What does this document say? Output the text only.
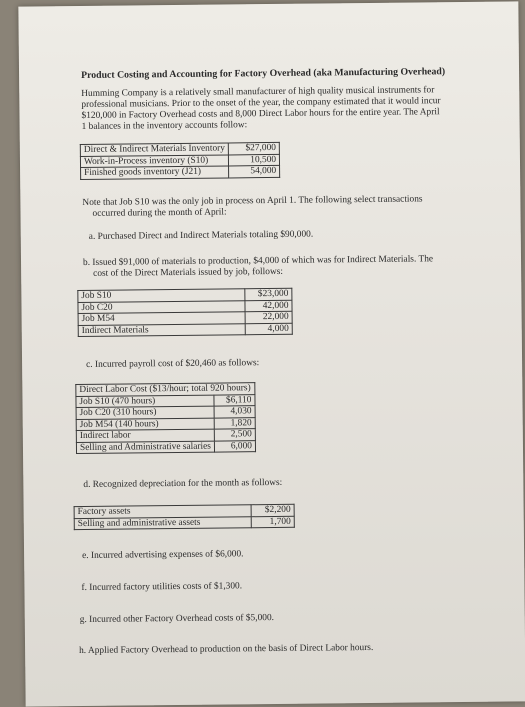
Product Costing and Accounting for Factory Overhead (aka Manufacturing Overhead)
Humming Company is a relatively small manufacturer of high quality musical instruments for
professional musicians. Prior to the onset of the year, the company estimated that it would incur
$120,000 in Factory Overhead costs and 8,000 Direct Labor hours for the entire year. The April
1 balances in the inventory accounts follow:
Direct & Indirect Materials Inventory	$27,000
Work-in-Process inventory (S10)	10,500
Finished goods inventory (J21)	54,000
Note that Job S10 was the only job in process on April 1. The following select transactions
occurred during the month of April:
a. Purchased Direct and Indirect Materials totaling $90,000.
b. Issued $91,000 of materials to production, $4,000 of which was for Indirect Materials. The
cost of the Direct Materials issued by job, follows:
Job S10	$23,000
Job C20	42,000
Job M54	22,000
Indirect Materials	4,000
c. Incurred payroll cost of $20,460 as follows:
Direct Labor Cost ($13/hour; total 920 hours)	
Job S10 (470 hours)	$6,110
Job C20 (310 hours)	4,030
Job M54 (140 hours)	1,820
Indirect labor	2,500
Selling and Administrative salaries	6,000
d. Recognized depreciation for the month as follows:
Factory assets	$2,200
Selling and administrative assets	1,700
e. Incurred advertising expenses of $6,000.
f. Incurred factory utilities costs of $1,300.
g. Incurred other Factory Overhead costs of $5,000.
h. Applied Factory Overhead to production on the basis of Direct Labor hours.
